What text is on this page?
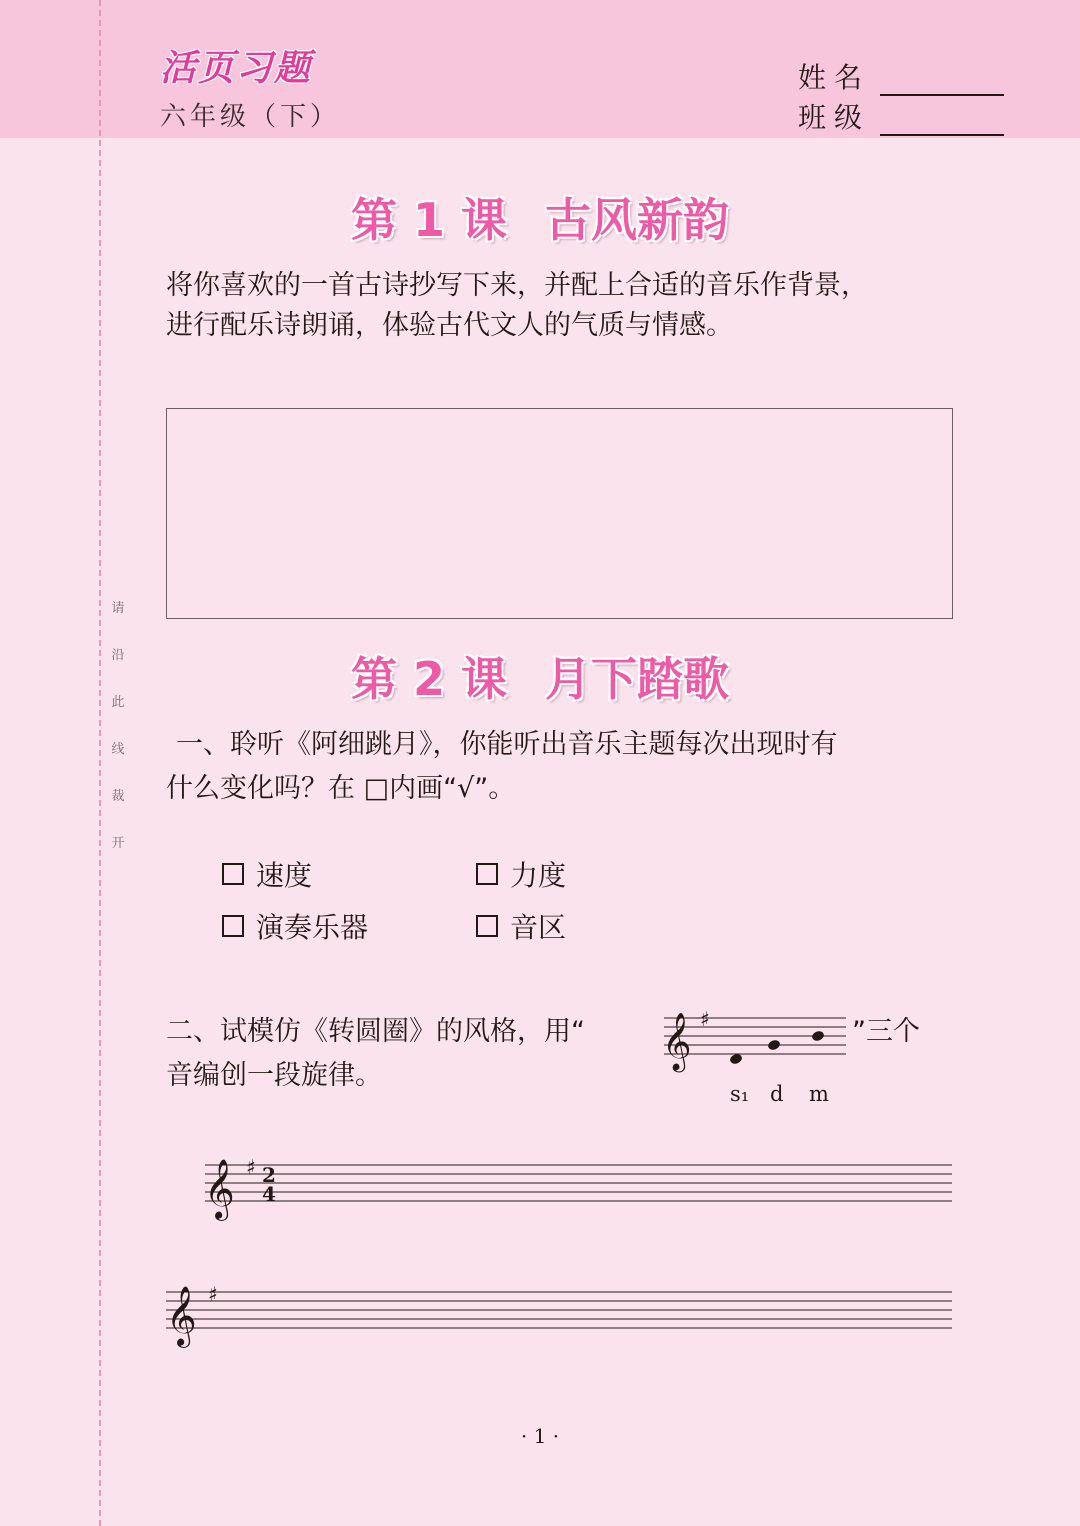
请
沿
此
线
裁
开
活页习题
六年级（下）
姓名
班级
第 1 课 古风新韵
将你喜欢的一首古诗抄写下来，并配上合适的音乐作背景，
进行配乐诗朗诵，体验古代文人的气质与情感。
第 2 课 月下踏歌
一、聆听《阿细跳月》，你能听出音乐主题每次出现时有
什么变化吗？在 □内画“√”。
速度	力度
演奏乐器	音区
二、试模仿《转圆圈》的风格，用“	”三个
音编创一段旋律。
𝄞 ♯
s₁ d m
𝄞 ♯ 2
4
𝄞 ♯
· 1 ·
